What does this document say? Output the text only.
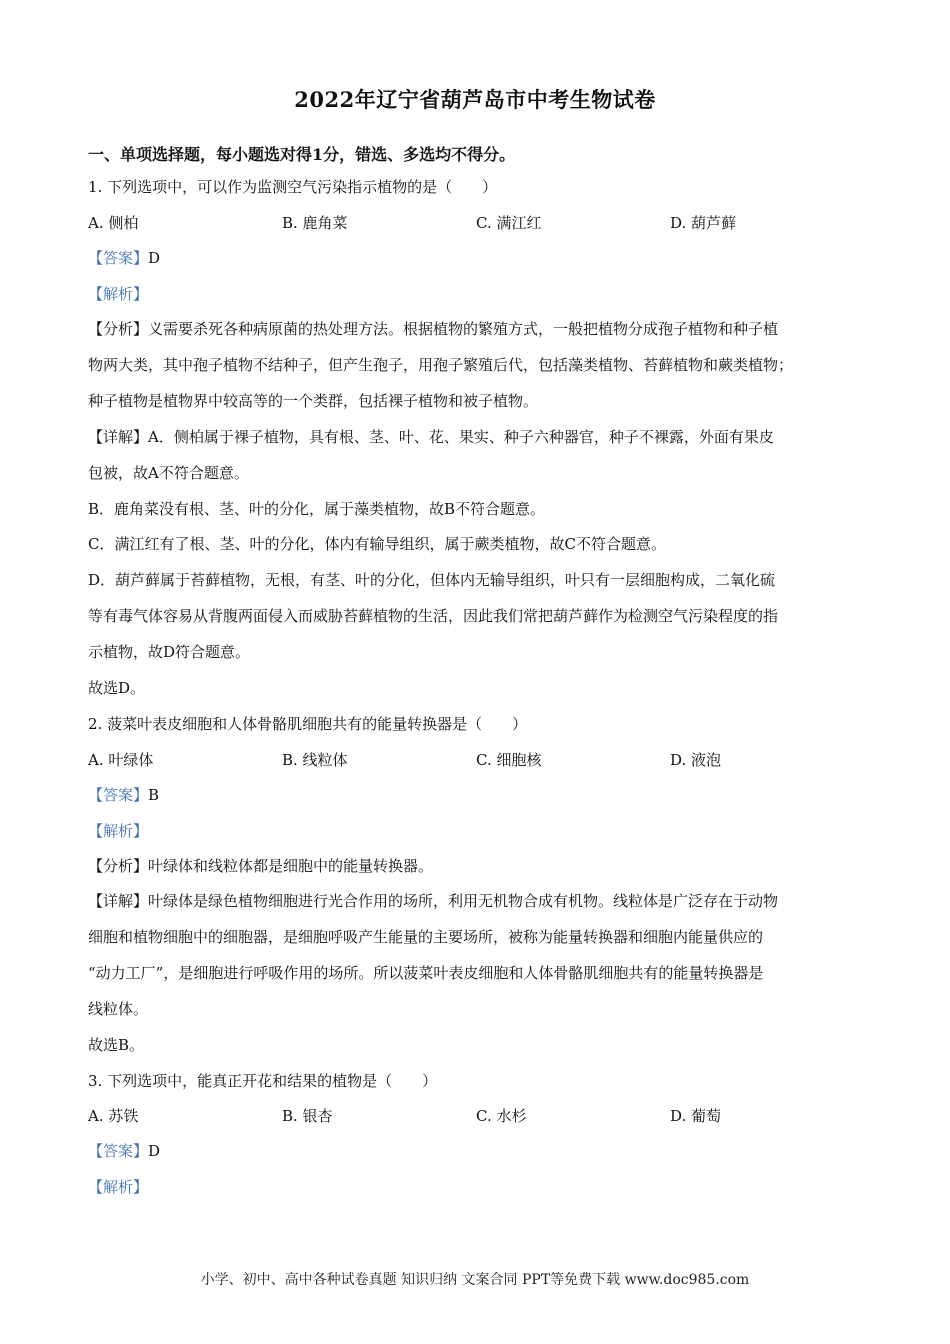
2022年辽宁省葫芦岛市中考生物试卷
一、单项选择题，每小题选对得1分，错选、多选均不得分。
1. 下列选项中，可以作为监测空气污染指示植物的是（　　）
A. 侧柏	B. 鹿角菜	C. 满江红	D. 葫芦藓
【答案】D
【解析】
【分析】义需要杀死各种病原菌的热处理方法。根据植物的繁殖方式，一般把植物分成孢子植物和种子植
物两大类，其中孢子植物不结种子，但产生孢子，用孢子繁殖后代，包括藻类植物、苔藓植物和蕨类植物；
种子植物是植物界中较高等的一个类群，包括裸子植物和被子植物。
【详解】A．侧柏属于裸子植物，具有根、茎、叶、花、果实、种子六种器官，种子不裸露，外面有果皮
包被，故A不符合题意。
B．鹿角菜没有根、茎、叶的分化，属于藻类植物，故B不符合题意。
C．满江红有了根、茎、叶的分化，体内有输导组织，属于蕨类植物，故C不符合题意。
D．葫芦藓属于苔藓植物，无根，有茎、叶的分化，但体内无输导组织，叶只有一层细胞构成，二氧化硫
等有毒气体容易从背腹两面侵入而威胁苔藓植物的生活，因此我们常把葫芦藓作为检测空气污染程度的指
示植物，故D符合题意。
故选D。
2. 菠菜叶表皮细胞和人体骨骼肌细胞共有的能量转换器是（　　）
A. 叶绿体	B. 线粒体	C. 细胞核	D. 液泡
【答案】B
【解析】
【分析】叶绿体和线粒体都是细胞中的能量转换器。
【详解】叶绿体是绿色植物细胞进行光合作用的场所，利用无机物合成有机物。线粒体是广泛存在于动物
细胞和植物细胞中的细胞器，是细胞呼吸产生能量的主要场所，被称为能量转换器和细胞内能量供应的
“动力工厂”，是细胞进行呼吸作用的场所。所以菠菜叶表皮细胞和人体骨骼肌细胞共有的能量转换器是
线粒体。
故选B。
3. 下列选项中，能真正开花和结果的植物是（　　）
A. 苏铁	B. 银杏	C. 水杉	D. 葡萄
【答案】D
【解析】
小学、初中、高中各种试卷真题 知识归纳 文案合同 PPT等免费下载 www.doc985.com
